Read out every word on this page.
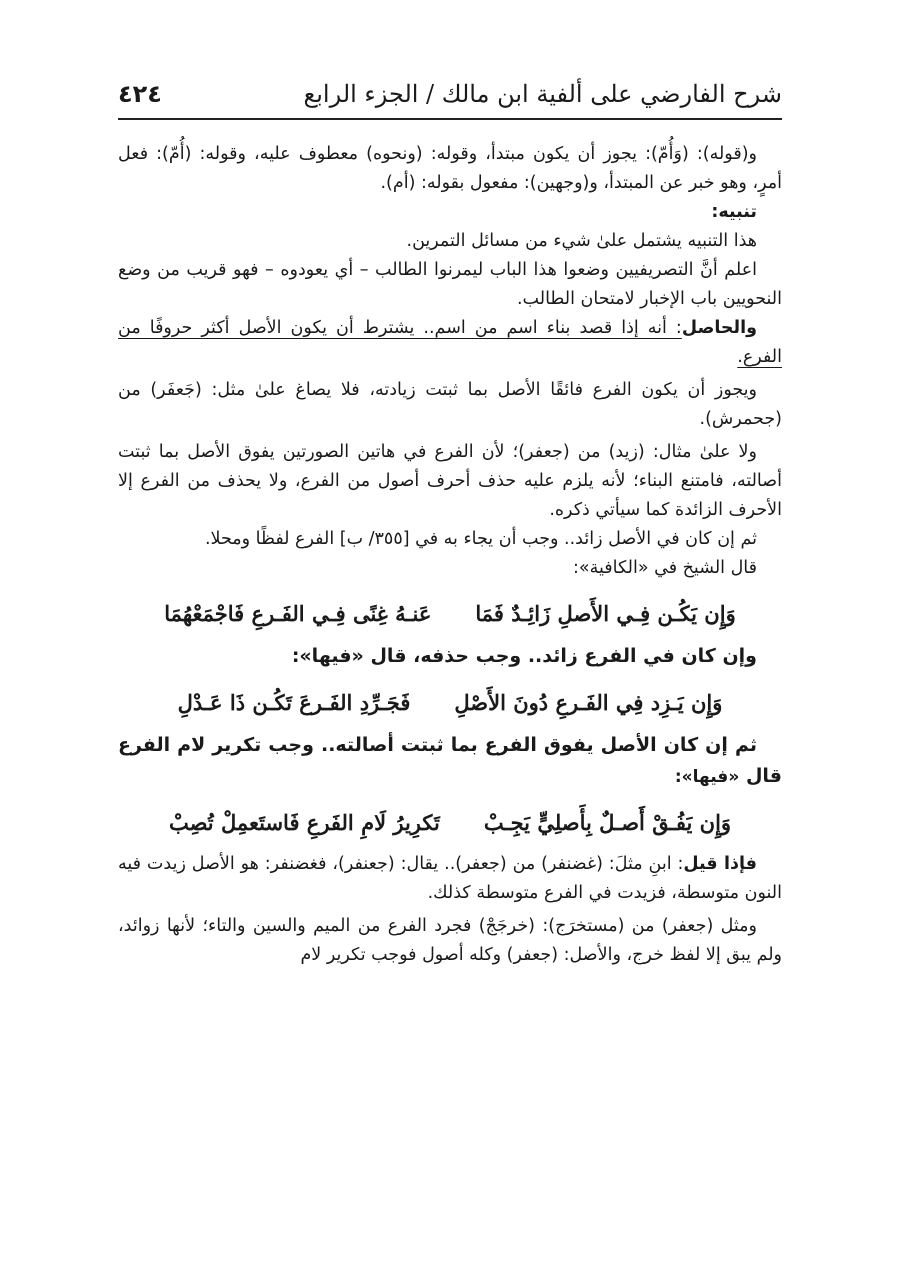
٤٢٤	شرح الفارضي على ألفية ابن مالك / الجزء الرابع

و(قوله): (وَأُمّ): يجوز أن يكون مبتدأ، وقوله: (ونحوه) معطوف عليه، وقوله: (أُمّ): فعل أمرٍ، وهو خبر عن المبتدأ، و(وجهين): مفعول بقوله: (أم).

تنبيه:

هذا التنبيه يشتمل علىٰ شيء من مسائل التمرين.

اعلم أنَّ التصريفيين وضعوا هذا الباب ليمرنوا الطالب – أي يعودوه – فهو قريب من وضع النحويين باب الإخبار لامتحان الطالب.

والحاصل: أنه إذا قصد بناء اسم من اسم.. يشترط أن يكون الأصل أكثر حروفًا من الفرع.

ويجوز أن يكون الفرع فائقًا الأصل بما ثبتت زيادته، فلا يصاغ علىٰ مثل: (جَعفَر) من (جحمرش).

ولا علىٰ مثال: (زيد) من (جعفر)؛ لأن الفرع في هاتين الصورتين يفوق الأصل بما ثبتت أصالته، فامتنع البناء؛ لأنه يلزم عليه حذف أحرف أصول من الفرع، ولا يحذف من الفرع إلا الأحرف الزائدة كما سيأتي ذكره.

ثم إن كان في الأصل زائد.. وجب أن يجاء به في [٣٥٥/ ب] الفرع لفظًا ومحلا.

قال الشيخ في «الكافية»:

وَإِن يَكُـن فِـي الأَصلِ زَائِـدٌ فَمَا
عَنـهُ غِنًى فِـي الفَـرعِ فَاجْمَعْهُمَا

وإن كان في الفرع زائد.. وجب حذفه، قال «فيها»:

وَإِن يَـزِد فِي الفَـرعِ دُونَ الأَصْلِ
فَجَـرِّدِ الفَـرعَ تَكُـن ذَا عَـدْلِ

ثم إن كان الأصل يفوق الفرع بما ثبتت أصالته.. وجب تكرير لام الفرع قال «فيها»:

وَإِن يَفُـقْ أَصـلٌ بِأَصلِيٍّ يَجِـبْ
تَكرِيرُ لَامِ الفَرعِ فَاستَعمِلْ تُصِبْ

فإذا قيل: ابنِ مثلَ: (غضنفر) من (جعفر).. يقال: (جعنفر)، فغضنفر: هو الأصل زيدت فيه النون متوسطة، فزيدت في الفرع متوسطة كذلك.

ومثل (جعفر) من (مستخرَج): (خرجَجْ) فجرد الفرع من الميم والسين والتاء؛ لأنها زوائد، ولم يبق إلا لفظ خرج، والأصل: (جعفر) وكله أصول فوجب تكرير لام
